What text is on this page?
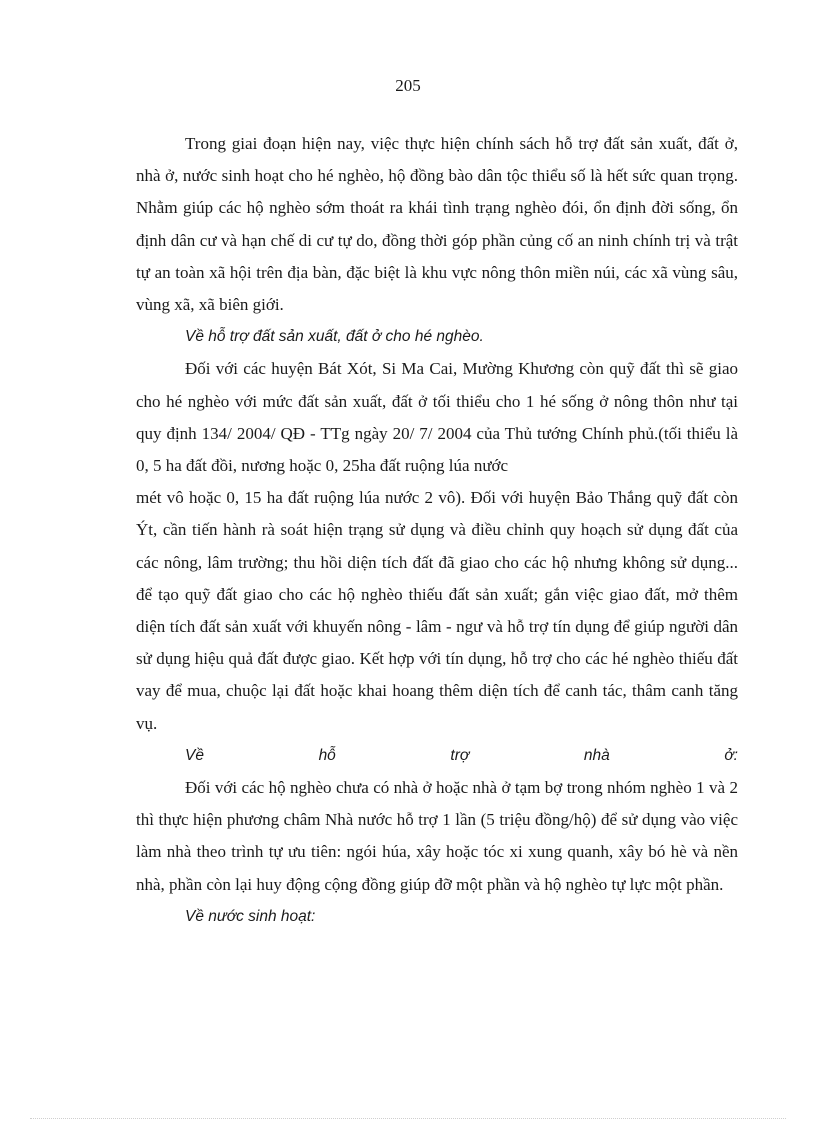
205

Trong giai đoạn hiện nay, việc thực hiện chính sách hỗ trợ đất sản xuất, đất ở, nhà ở, nước sinh hoạt cho hé nghèo, hộ đồng bào dân tộc thiểu số là hết sức quan trọng. Nhằm giúp các hộ nghèo sớm thoát ra khái tình trạng nghèo đói, ổn định đời sống, ổn định dân cư và hạn chế di cư tự do, đồng thời góp phần củng cố an ninh chính trị và trật tự an toàn xã hội trên địa bàn, đặc biệt là khu vực nông thôn miền núi, các xã vùng sâu, vùng xã, xã biên giới.

Về hỗ trợ đất sản xuất, đất ở cho hé nghèo.

Đối với các huyện Bát Xót, Si Ma Cai, Mường Khương còn quỹ đất thì sẽ giao cho hé nghèo với mức đất sản xuất, đất ở tối thiểu cho 1 hé sống ở nông thôn như tại quy định 134/ 2004/ QĐ - TTg ngày 20/ 7/ 2004 của Thủ tướng Chính phủ.(tối thiểu là 0, 5 ha đất đồi, nương hoặc 0, 25ha đất ruộng lúa nước

mét vô hoặc 0, 15 ha đất ruộng lúa nước 2 vô). Đối với huyện Bảo Thắng quỹ đất còn Ýt, cần tiến hành rà soát hiện trạng sử dụng và điều chỉnh quy hoạch sử dụng đất của các nông, lâm trường; thu hồi diện tích đất đã giao cho các hộ nhưng không sử dụng... để tạo quỹ đất giao cho các hộ nghèo thiếu đất sản xuất; gắn việc giao đất, mở thêm diện tích đất sản xuất với khuyến nông - lâm - ngư và hỗ trợ tín dụng để giúp người dân sử dụng hiệu quả đất được giao. Kết hợp với tín dụng, hỗ trợ cho các hé nghèo thiếu đất vay để mua, chuộc lại đất hoặc khai hoang thêm diện tích để canh tác, thâm canh tăng vụ.

Về	hỗ	trợ	nhà	ở:

Đối với các hộ nghèo chưa có nhà ở hoặc nhà ở tạm bợ trong nhóm nghèo 1 và 2 thì thực hiện phương châm Nhà nước hỗ trợ 1 lần (5 triệu đồng/hộ) để sử dụng vào việc làm nhà theo trình tự ưu tiên: ngói húa, xây hoặc tóc xi xung quanh, xây bó hè và nền nhà, phần còn lại huy động cộng đồng giúp đỡ một phần và hộ nghèo tự lực một phần.

Về nước sinh hoạt:
